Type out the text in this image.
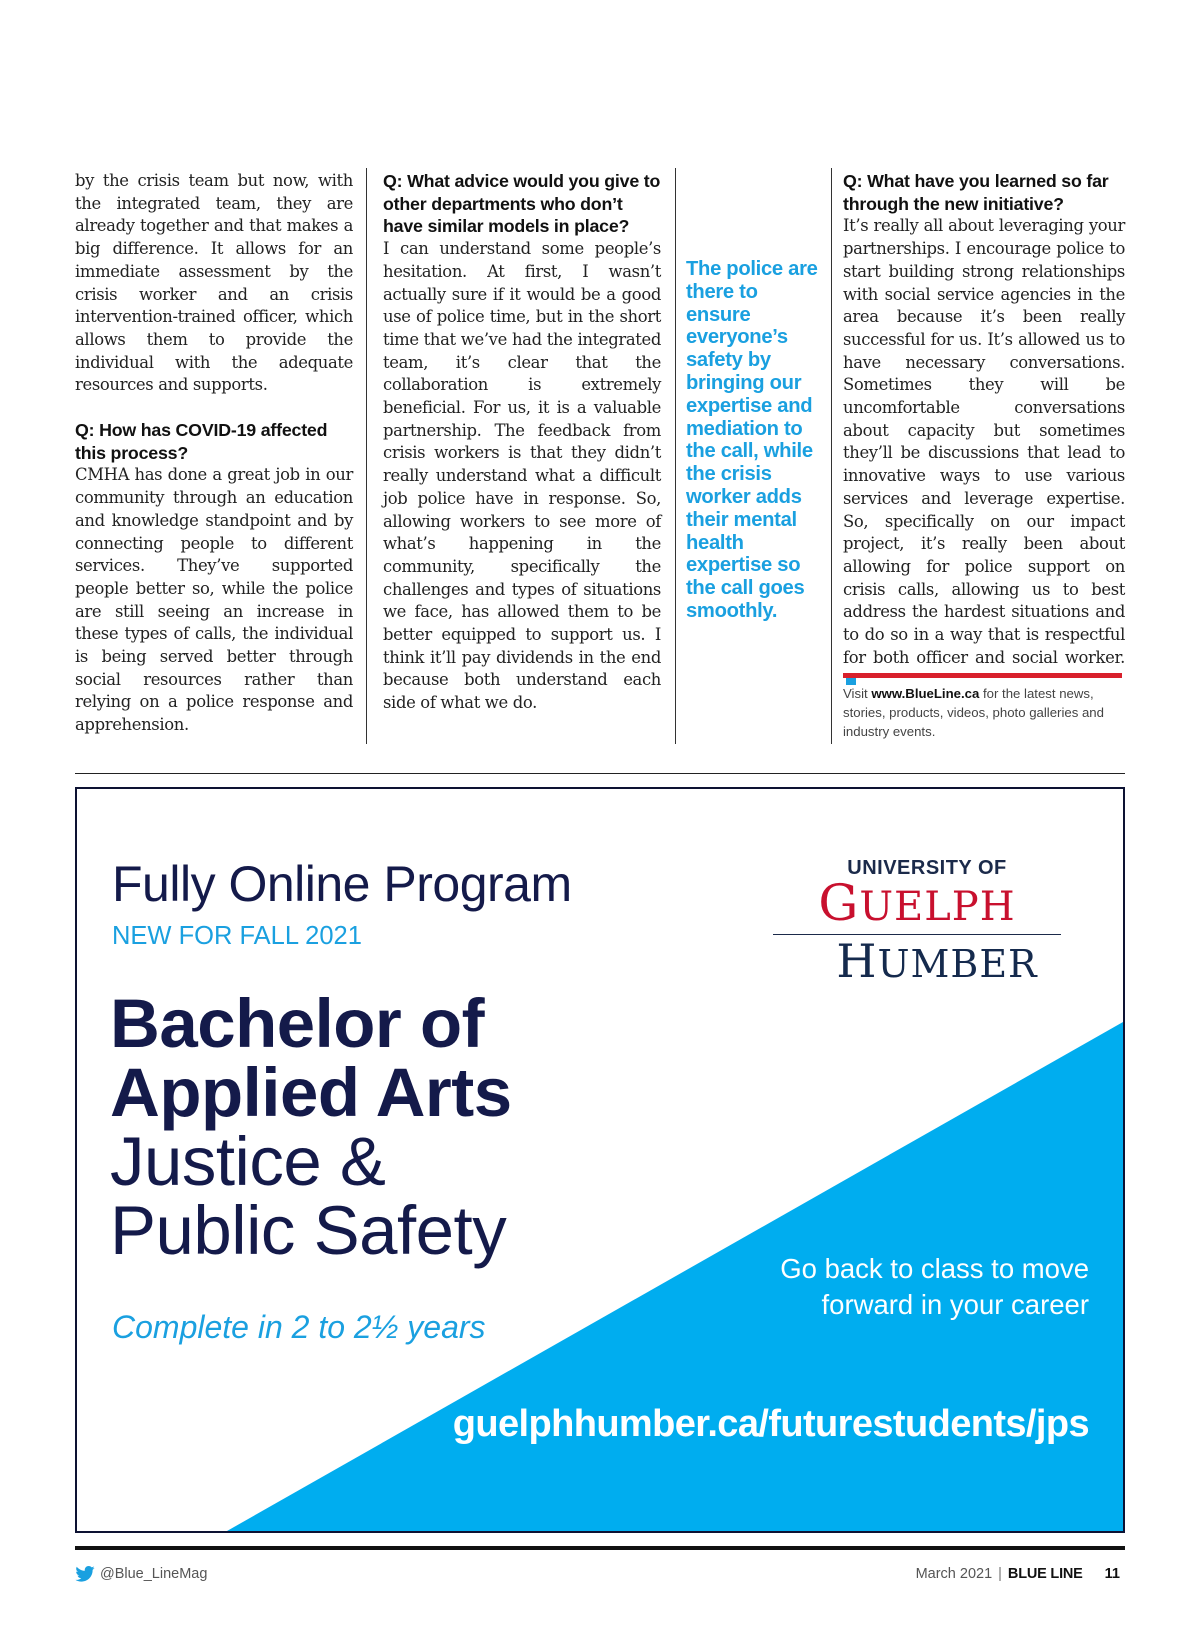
by the crisis team but now, with the integrated team, they are already together and that makes a big difference. It allows for an immediate assessment by the crisis worker and an crisis intervention-trained officer, which allows them to provide the individual with the adequate resources and supports.

Q: How has COVID-19 affected this process?

CMHA has done a great job in our community through an education and knowledge standpoint and by connecting people to different services. They’ve supported people better so, while the police are still seeing an increase in these types of calls, the individual is being served better through social resources rather than relying on a police response and apprehension.

Q: What advice would you give to other departments who don’t have similar models in place?

I can understand some people’s hesitation. At first, I wasn’t actually sure if it would be a good use of police time, but in the short time that we’ve had the integrated team, it’s clear that the collaboration is extremely beneficial. For us, it is a valuable partnership. The feedback from crisis workers is that they didn’t really understand what a difficult job police have in response. So, allowing workers to see more of what’s happening in the community, specifically the challenges and types of situations we face, has allowed them to be better equipped to support us. I think it’ll pay dividends in the end because both understand each side of what we do.

The police are there to ensure everyone’s safety by bringing our expertise and mediation to the call, while the crisis worker adds their mental health expertise so the call goes smoothly.
Q: What have you learned so far through the new initiative?

It’s really all about leveraging your partnerships. I encourage police to start building strong relationships with social service agencies in the area because it’s been really successful for us. It’s allowed us to have necessary conversations. Sometimes they will be uncomfortable conversations about capacity but sometimes they’ll be discussions that lead to innovative ways to use various services and leverage expertise. So, specifically on our impact project, it’s really been about allowing for police support on crisis calls, allowing us to best address the hardest situations and to do so in a way that is respectful for both officer and social worker.

Visit www.BlueLine.ca for the latest news, stories, products, videos, photo galleries and industry events.
Fully Online Program
NEW FOR FALL 2021
Bachelor of
Applied Arts
Justice &
Public Safety
Complete in 2 to 2½ years
UNIVERSITY OF
GUELPH
HUMBER
Go back to class to move forward in your career
guelphhumber.ca/futurestudents/jps
@Blue_LineMag	March 2021 | BLUE LINE 11
